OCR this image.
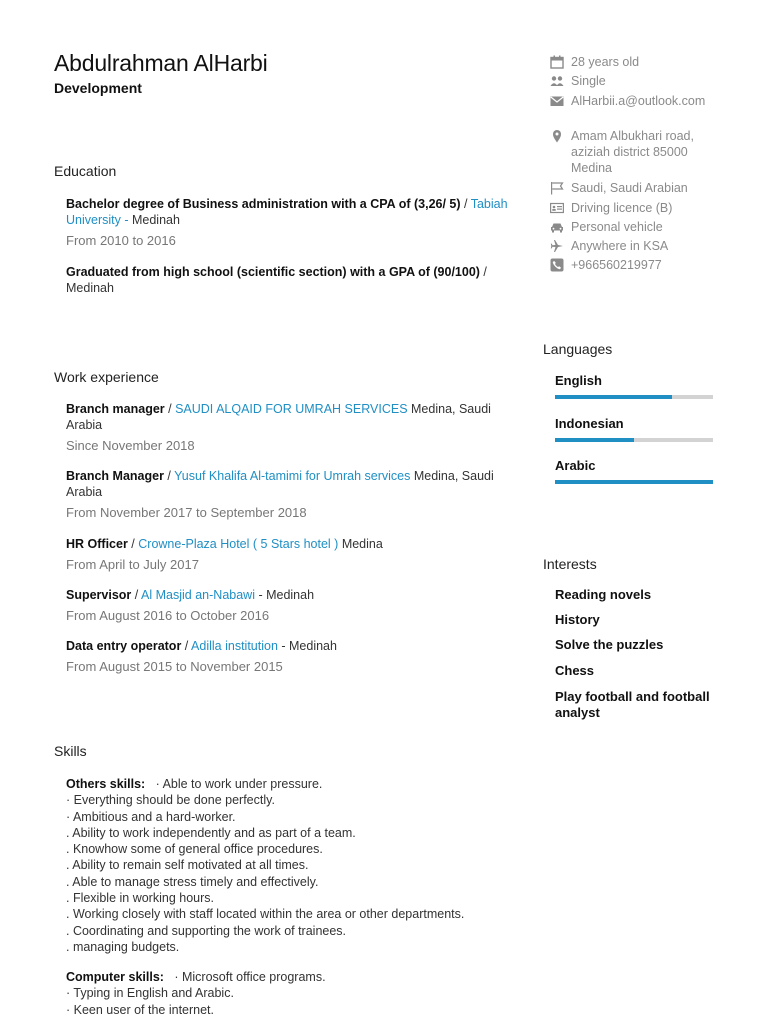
Abdulrahman AlHarbi
Development
Education
Bachelor degree of Business administration with a CPA of (3,26/ 5) / Tabiah University - Medinah
From 2010 to 2016
Graduated from high school (scientific section) with a GPA of (90/100) / Medinah
Work experience
Branch manager / SAUDI ALQAID FOR UMRAH SERVICES Medina, Saudi Arabia
Since November 2018
Branch Manager / Yusuf Khalifa Al-tamimi for Umrah services Medina, Saudi Arabia
From November 2017 to September 2018
HR Officer / Crowne-Plaza Hotel ( 5 Stars hotel ) Medina
From April to July 2017
Supervisor / Al Masjid an-Nabawi - Medinah
From August 2016 to October 2016
Data entry operator / Adilla institution - Medinah
From August 2015 to November 2015
Skills
Others skills: · Able to work under pressure.
· Everything should be done perfectly.
· Ambitious and a hard-worker.
. Ability to work independently and as part of a team.
. Knowhow some of general office procedures.
. Ability to remain self motivated at all times.
. Able to manage stress timely and effectively.
. Flexible in working hours.
. Working closely with staff located within the area or other departments.
. Coordinating and supporting the work of trainees.
. managing budgets.
Computer skills: · Microsoft office programs.
· Typing in English and Arabic.
· Keen user of the internet.
28 years old
Single
AlHarbii.a@outlook.com
Amam Albukhari road, aziziah district 85000 Medina
Saudi, Saudi Arabian
Driving licence (B)
Personal vehicle
Anywhere in KSA
+966560219977
Languages
English
Indonesian
Arabic
Interests
Reading novels
History
Solve the puzzles
Chess
Play football and football analyst
